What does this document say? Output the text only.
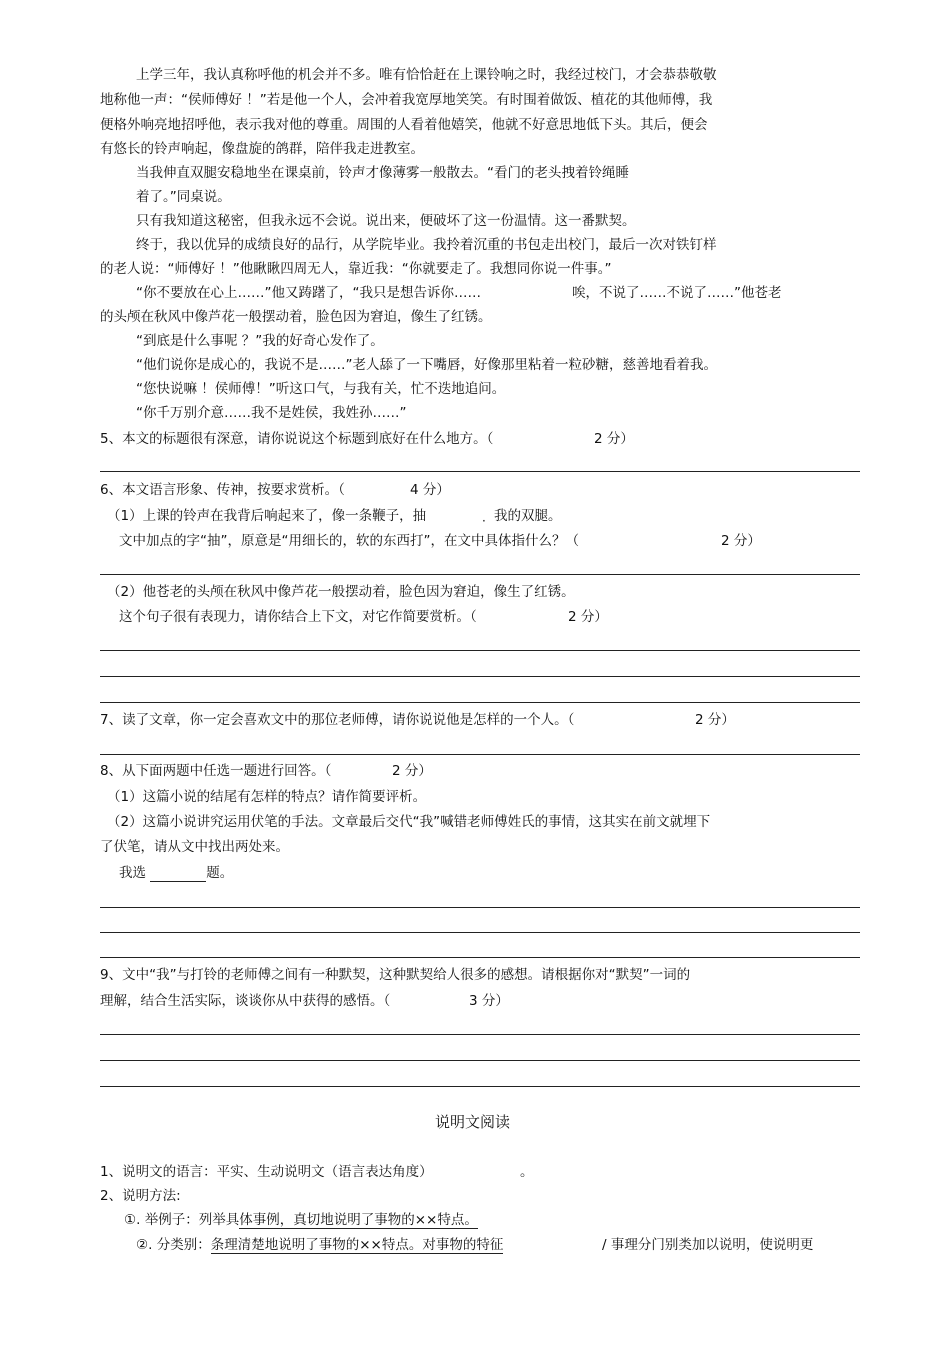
上学三年，我认真称呼他的机会并不多。唯有恰恰赶在上课铃响之时，我经过校门，才会恭恭敬敬
地称他一声：“侯师傅好 ！”若是他一个人，会冲着我宽厚地笑笑。有时围着做饭、植花的其他师傅，我
便格外响亮地招呼他，表示我对他的尊重。周围的人看着他嬉笑，他就不好意思地低下头。其后，便会
有悠长的铃声响起，像盘旋的鸽群，陪伴我走进教室。
当我伸直双腿安稳地坐在课桌前，铃声才像薄雾一般散去。“看门的老头拽着铃绳睡
着了。”同桌说。
只有我知道这秘密，但我永远不会说。说出来，便破坏了这一份温情。这一番默契。
终于，我以优异的成绩良好的品行，从学院毕业。我拎着沉重的书包走出校门，最后一次对铁钉样
的老人说：“师傅好 ！”他瞅瞅四周无人，靠近我：“你就要走了。我想同你说一件事。”
“你不要放在心上……”他又踌躇了，“我只是想告诉你……	唉，不说了……不说了……”他苍老
的头颅在秋风中像芦花一般摆动着，脸色因为窘迫，像生了红锈。
“到底是什么事呢 ？”我的好奇心发作了。
“他们说你是成心的，我说不是……”老人舔了一下嘴唇，好像那里粘着一粒砂糖，慈善地看着我。
“您快说嘛 ！侯师傅！”听这口气，与我有关，忙不迭地追问。
“你千万别介意……我不是姓侯，我姓孙……”
5、本文的标题很有深意，请你说说这个标题到底好在什么地方。（	2 分）
6、本文语言形象、传神，按要求赏析。（	4 分）
（1）上课的铃声在我背后响起来了，像一条鞭子，抽	· 我的双腿。
文中加点的字“抽”，原意是“用细长的，软的东西打”，在文中具体指什么？（	2 分）
（2）他苍老的头颅在秋风中像芦花一般摆动着，脸色因为窘迫，像生了红锈。
这个句子很有表现力，请你结合上下文，对它作简要赏析。（	2 分）
7、读了文章，你一定会喜欢文中的那位老师傅，请你说说他是怎样的一个人。（	2 分）
8、从下面两题中任选一题进行回答。（	2 分）
（1）这篇小说的结尾有怎样的特点？请作简要评析。
（2）这篇小说讲究运用伏笔的手法。文章最后交代“我”喊错老师傅姓氏的事情，这其实在前文就埋下
了伏笔，请从文中找出两处来。
我选	题。
9、文中“我”与打铃的老师傅之间有一种默契，这种默契给人很多的感想。请根据你对“默契”一词的
理解，结合生活实际，谈谈你从中获得的感悟。（	3 分）
说明文阅读
1、说明文的语言：平实、生动说明文（语言表达角度）	。
2、说明方法:
①. 举例子：列举具体事例，真切地说明了事物的××特点。
②. 分类别：条理清楚地说明了事物的××特点。对事物的特征	/ 事理分门别类加以说明，使说明更
